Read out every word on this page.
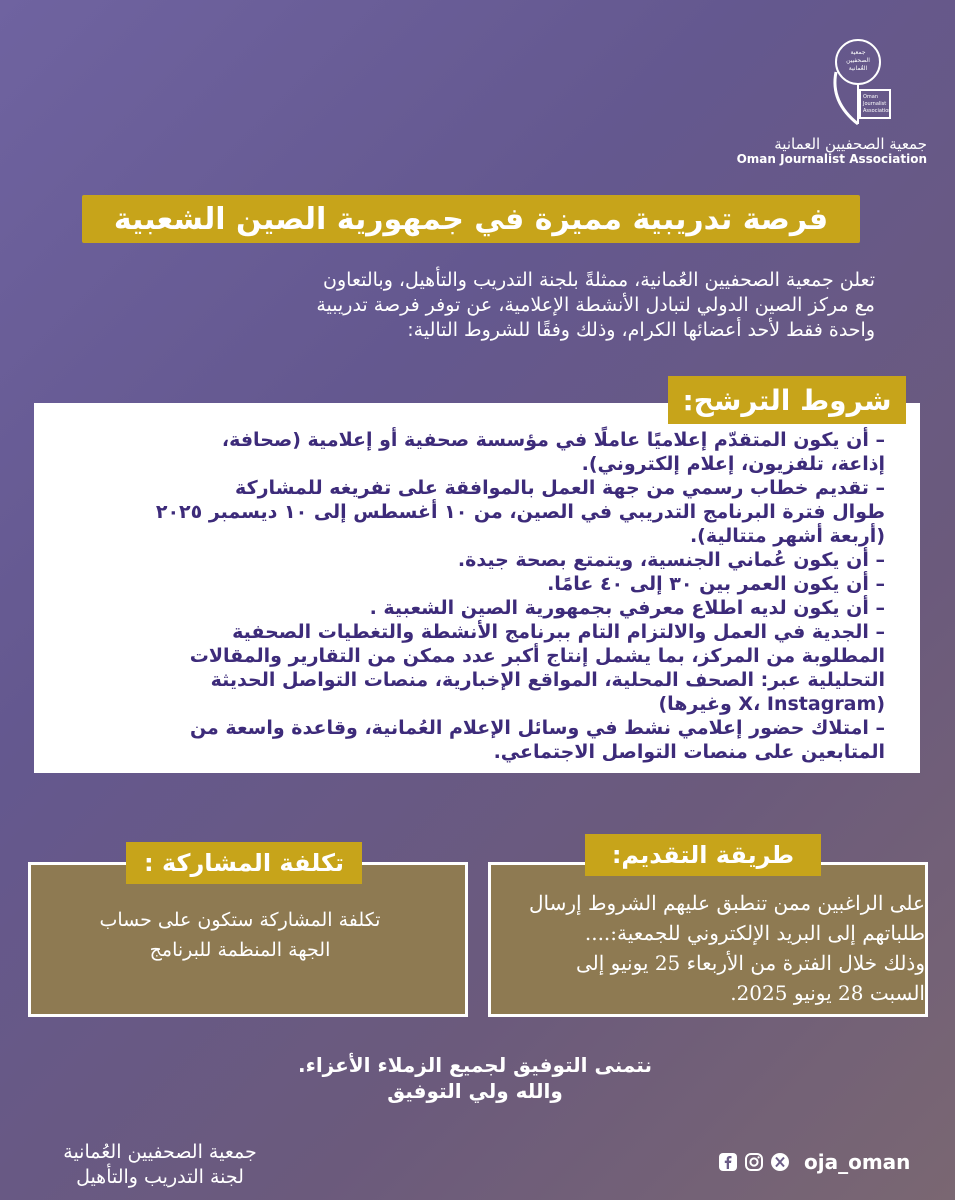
جمعية
الصحفيين
العُمانية
Oman
Journalist
Association
جمعية الصحفيين العمانية
Oman Journalist Association
فرصة تدريبية مميزة في جمهورية الصين الشعبية
تعلن جمعية الصحفيين العُمانية، ممثلةً بلجنة التدريب والتأهيل، وبالتعاون
مع مركز الصين الدولي لتبادل الأنشطة الإعلامية، عن توفر فرصة تدريبية
واحدة فقط لأحد أعضائها الكرام، وذلك وفقًا للشروط التالية:
شروط الترشح:
– أن يكون المتقدّم إعلاميًا عاملًا في مؤسسة صحفية أو إعلامية (صحافة،
إذاعة، تلفزيون، إعلام إلكتروني).
– تقديم خطاب رسمي من جهة العمل بالموافقة على تفريغه للمشاركة
طوال فترة البرنامج التدريبي في الصين، من ١٠ أغسطس إلى ١٠ ديسمبر ٢٠٢٥
(أربعة أشهر متتالية).
– أن يكون عُماني الجنسية، ويتمتع بصحة جيدة.
– أن يكون العمر بين ٣٠ إلى ٤٠ عامًا.
– أن يكون لديه اطلاع معرفي بجمهورية الصين الشعبية .
– الجدية في العمل والالتزام التام ببرنامج الأنشطة والتغطيات الصحفية
المطلوبة من المركز، بما يشمل إنتاج أكبر عدد ممكن من التقارير والمقالات
التحليلية عبر: الصحف المحلية، المواقع الإخبارية، منصات التواصل الحديثة
(X، Instagram وغيرها)
– امتلاك حضور إعلامي نشط في وسائل الإعلام العُمانية، وقاعدة واسعة من
المتابعين على منصات التواصل الاجتماعي.
طريقة التقديم:
على الراغبين ممن تنطبق عليهم الشروط إرسال
طلباتهم إلى البريد الإلكتروني للجمعية:....
وذلك خلال الفترة من الأربعاء 25 يونيو إلى
السبت 28 يونيو 2025.
تكلفة المشاركة :
تكلفة المشاركة ستكون على حساب
الجهة المنظمة للبرنامج
نتمنى التوفيق لجميع الزملاء الأعزاء.
والله ولي التوفيق
جمعية الصحفيين العُمانية
لجنة التدريب والتأهيل
oja_oman
